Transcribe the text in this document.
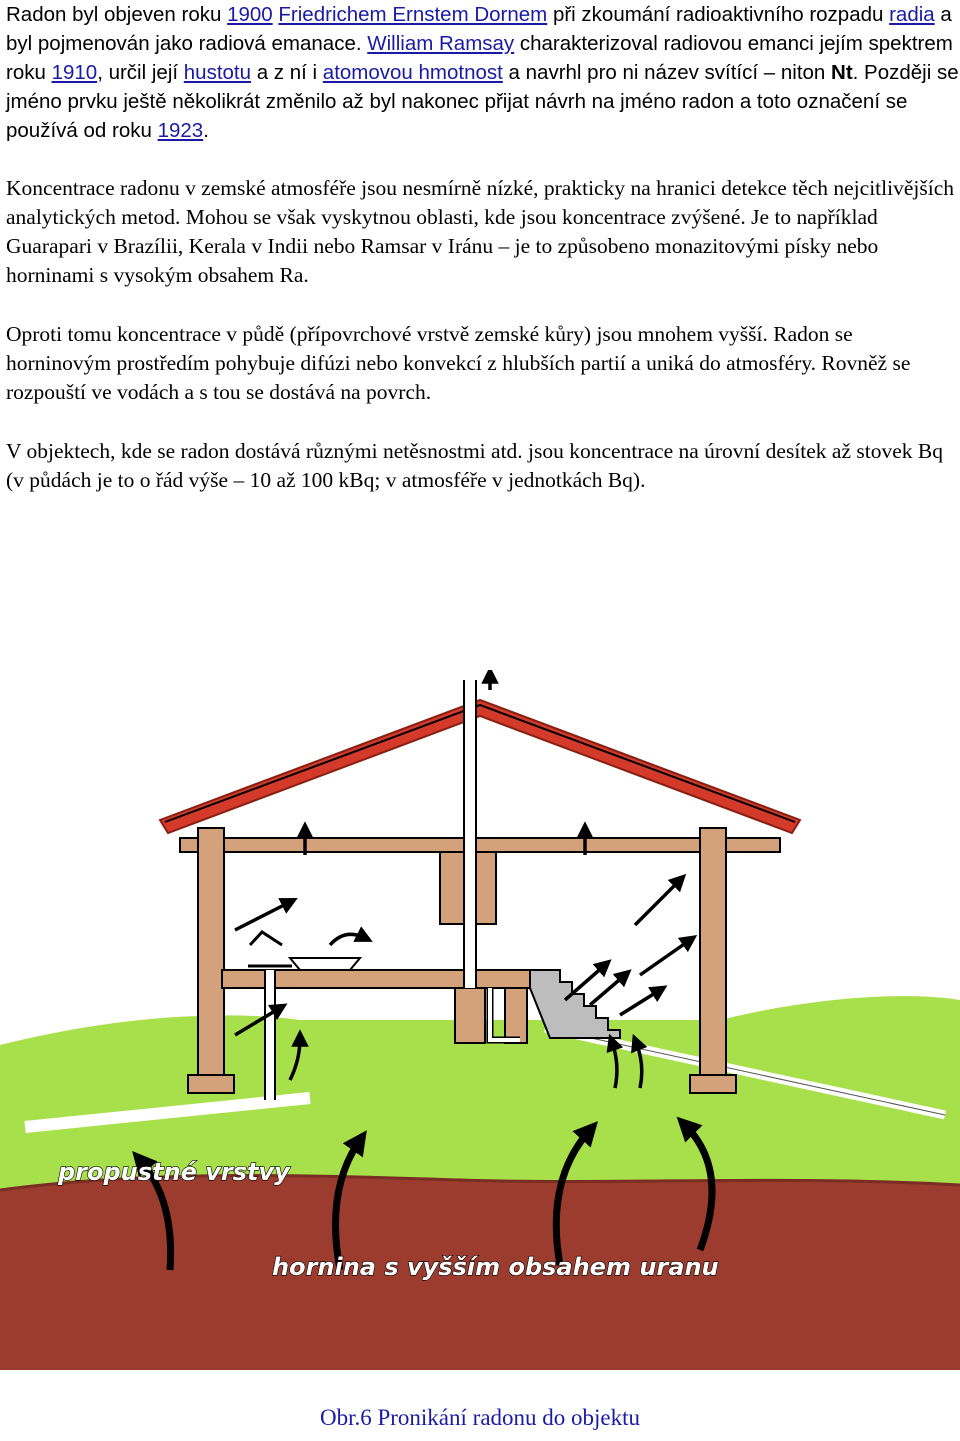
Radon byl objeven roku 1900 Friedrichem Ernstem Dornem při zkoumání radioaktivního rozpadu radia a byl pojmenován jako radiová emanace. William Ramsay charakterizoval radiovou emanci jejím spektrem roku 1910, určil její hustotu a z ní i atomovou hmotnost a navrhl pro ni název svítící – niton Nt. Později se jméno prvku ještě několikrát změnilo až byl nakonec přijat návrh na jméno radon a toto označení se používá od roku 1923.

Koncentrace radonu v zemské atmosféře jsou nesmírně nízké, prakticky na hranici detekce těch nejcitlivějších analytických metod. Mohou se však vyskytnou oblasti, kde jsou koncentrace zvýšené. Je to například Guarapari v Brazílii, Kerala v Indii nebo Ramsar v Iránu – je to způsobeno monazitovými písky nebo horninami s vysokým obsahem Ra.

Oproti tomu koncentrace v půdě (přípovrchové vrstvě zemské kůry) jsou mnohem vyšší. Radon se horninovým prostředím pohybuje difúzi nebo konvekcí z hlubších partií a uniká do atmosféry. Rovněž se rozpouští ve vodách a s tou se dostává na povrch.

V objektech, kde se radon dostává různými netěsnostmi atd. jsou koncentrace na úrovní desítek až stovek Bq (v půdách je to o řád výše – 10 až 100 kBq; v atmosféře v jednotkách Bq).

propustné vrstvy
hornina s vyšším obsahem uranu
Obr.6 Pronikání radonu do objektu
